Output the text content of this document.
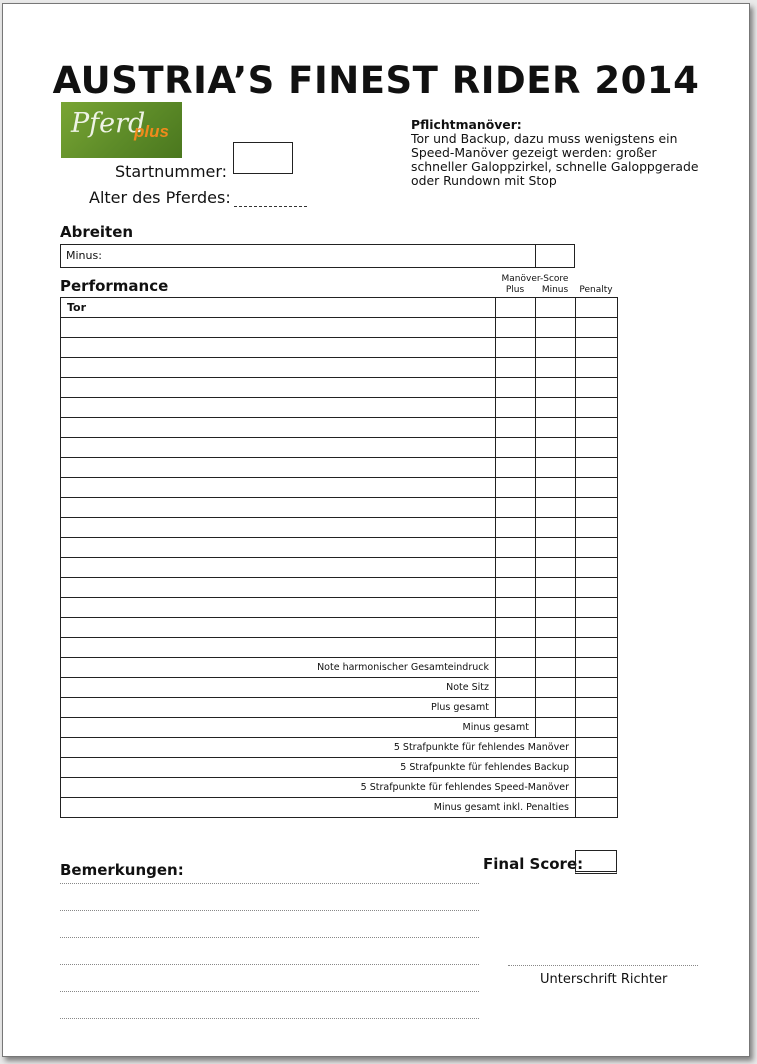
AUSTRIA’S FINEST RIDER 2014
Pferd
plus
Startnummer:
Alter des Pferdes:
Pflichtmanöver:
Tor und Backup, dazu muss wenigstens ein
Speed-Manöver gezeigt werden: großer
schneller Galoppzirkel, schnelle Galoppgerade
oder Rundown mit Stop
Abreiten
Minus:
Performance	Manöver-Score
Plus	Minus	Penalty
Tor			

Note harmonischer Gesamteindruck			
Note Sitz			
Plus gesamt			
Minus gesamt			
5 Strafpunkte für fehlendes Manöver			
5 Strafpunkte für fehlendes Backup			
5 Strafpunkte für fehlendes Speed-Manöver			
Minus gesamt inkl. Penalties			
Final Score:
Bemerkungen:
Unterschrift Richter
